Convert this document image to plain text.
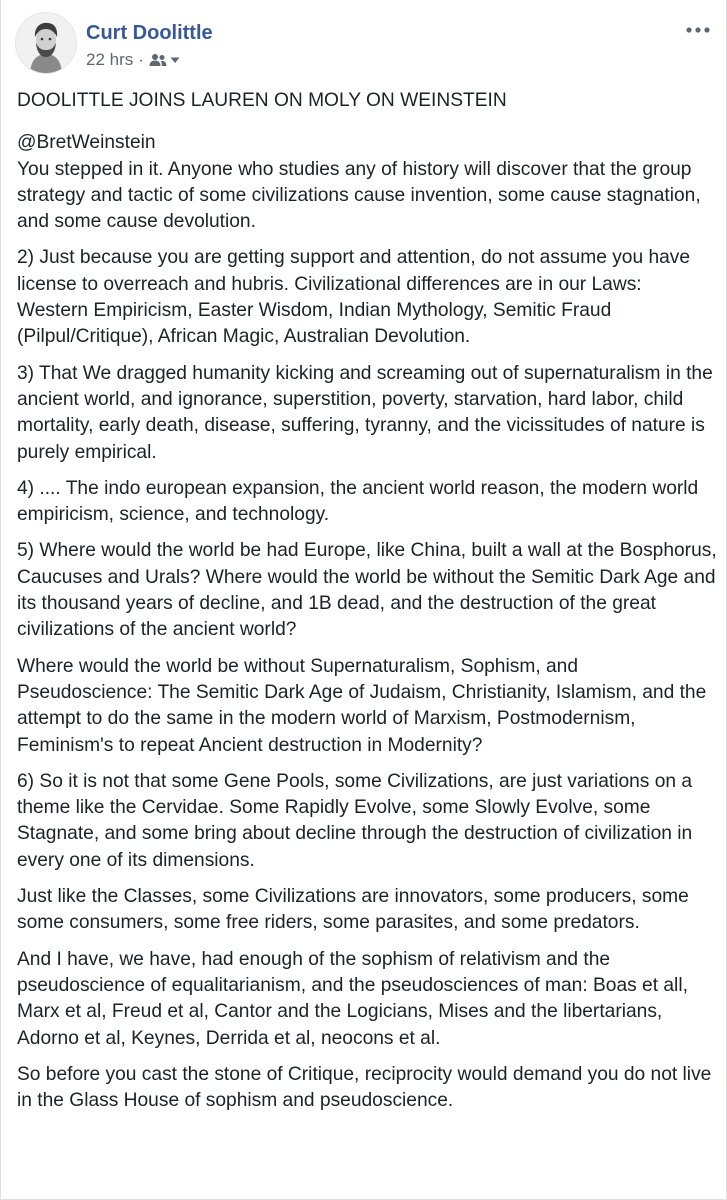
Curt Doolittle
22 hrs ·

DOOLITTLE JOINS LAUREN ON MOLY ON WEINSTEIN

@BretWeinstein
You stepped in it. Anyone who studies any of history will discover that the group strategy and tactic of some civilizations cause invention, some cause stagnation, and some cause devolution.

2) Just because you are getting support and attention, do not assume you have license to overreach and hubris. Civilizational differences are in our Laws: Western Empiricism, Easter Wisdom, Indian Mythology, Semitic Fraud (Pilpul/Critique), African Magic, Australian Devolution.

3) That We dragged humanity kicking and screaming out of supernaturalism in the ancient world, and ignorance, superstition, poverty, starvation, hard labor, child mortality, early death, disease, suffering, tyranny, and the vicissitudes of nature is purely empirical.

4) .... The indo european expansion, the ancient world reason, the modern world empiricism, science, and technology.

5) Where would the world be had Europe, like China, built a wall at the Bosphorus, Caucuses and Urals? Where would the world be without the Semitic Dark Age and its thousand years of decline, and 1B dead, and the destruction of the great civilizations of the ancient world?

Where would the world be without Supernaturalism, Sophism, and Pseudoscience: The Semitic Dark Age of Judaism, Christianity, Islamism, and the attempt to do the same in the modern world of Marxism, Postmodernism, Feminism's to repeat Ancient destruction in Modernity?

6) So it is not that some Gene Pools, some Civilizations, are just variations on a theme like the Cervidae. Some Rapidly Evolve, some Slowly Evolve, some Stagnate, and some bring about decline through the destruction of civilization in every one of its dimensions.

Just like the Classes, some Civilizations are innovators, some producers, some some consumers, some free riders, some parasites, and some predators.

And I have, we have, had enough of the sophism of relativism and the pseudoscience of equalitarianism, and the pseudosciences of man: Boas et all, Marx et al, Freud et al, Cantor and the Logicians, Mises and the libertarians, Adorno et al, Keynes, Derrida et al, neocons et al.

So before you cast the stone of Critique, reciprocity would demand you do not live in the Glass House of sophism and pseudoscience.
